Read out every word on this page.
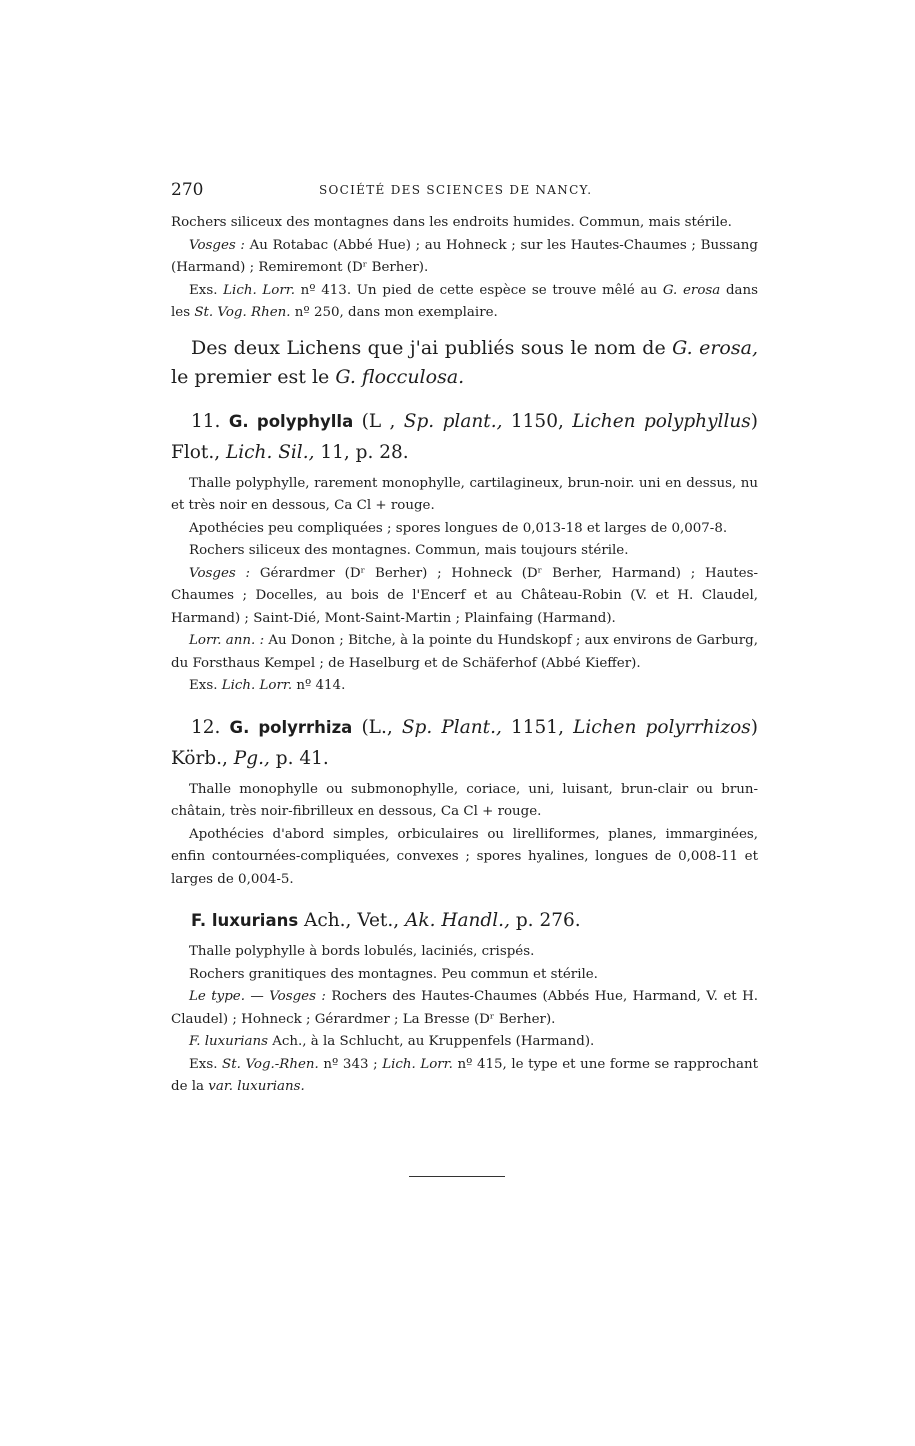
270	SOCIÉTÉ DES SCIENCES DE NANCY.

Rochers siliceux des montagnes dans les endroits humides. Commun, mais stérile.

Vosges : Au Rotabac (Abbé Hue) ; au Hohneck ; sur les Hautes-Chaumes ; Bussang (Harmand) ; Remiremont (Dʳ Berher).

Exs. Lich. Lorr. nº 413. Un pied de cette espèce se trouve mêlé au G. erosa dans les St. Vog. Rhen. nº 250, dans mon exemplaire.

Des deux Lichens que j'ai publiés sous le nom de G. erosa, le premier est le G. flocculosa.

11. G. polyphylla (L , Sp. plant., 1150, Lichen polyphyllus) Flot., Lich. Sil., 11, p. 28.

Thalle polyphylle, rarement monophylle, cartilagineux, brun-noir. uni en dessus, nu et très noir en dessous, Ca Cl + rouge.

Apothécies peu compliquées ; spores longues de 0,013-18 et larges de 0,007-8.

Rochers siliceux des montagnes. Commun, mais toujours stérile.

Vosges : Gérardmer (Dʳ Berher) ; Hohneck (Dʳ Berher, Harmand) ; Hautes-Chaumes ; Docelles, au bois de l'Encerf et au Château-Robin (V. et H. Claudel, Harmand) ; Saint-Dié, Mont-Saint-Martin ; Plainfaing (Harmand).

Lorr. ann. : Au Donon ; Bitche, à la pointe du Hundskopf ; aux environs de Garburg, du Forsthaus Kempel ; de Haselburg et de Schäferhof (Abbé Kieffer).

Exs. Lich. Lorr. nº 414.

12. G. polyrrhiza (L., Sp. Plant., 1151, Lichen polyrrhizos) Körb., Pg., p. 41.

Thalle monophylle ou submonophylle, coriace, uni, luisant, brun-clair ou brun-châtain, très noir-fibrilleux en dessous, Ca Cl + rouge.

Apothécies d'abord simples, orbiculaires ou lirelliformes, planes, immarginées, enfin contournées-compliquées, convexes ; spores hyalines, longues de 0,008-11 et larges de 0,004-5.

F. luxurians Ach., Vet., Ak. Handl., p. 276.

Thalle polyphylle à bords lobulés, laciniés, crispés.

Rochers granitiques des montagnes. Peu commun et stérile.

Le type. — Vosges : Rochers des Hautes-Chaumes (Abbés Hue, Harmand, V. et H. Claudel) ; Hohneck ; Gérardmer ; La Bresse (Dʳ Berher).

F. luxurians Ach., à la Schlucht, au Kruppenfels (Harmand).

Exs. St. Vog.-Rhen. nº 343 ; Lich. Lorr. nº 415, le type et une forme se rapprochant de la var. luxurians.
